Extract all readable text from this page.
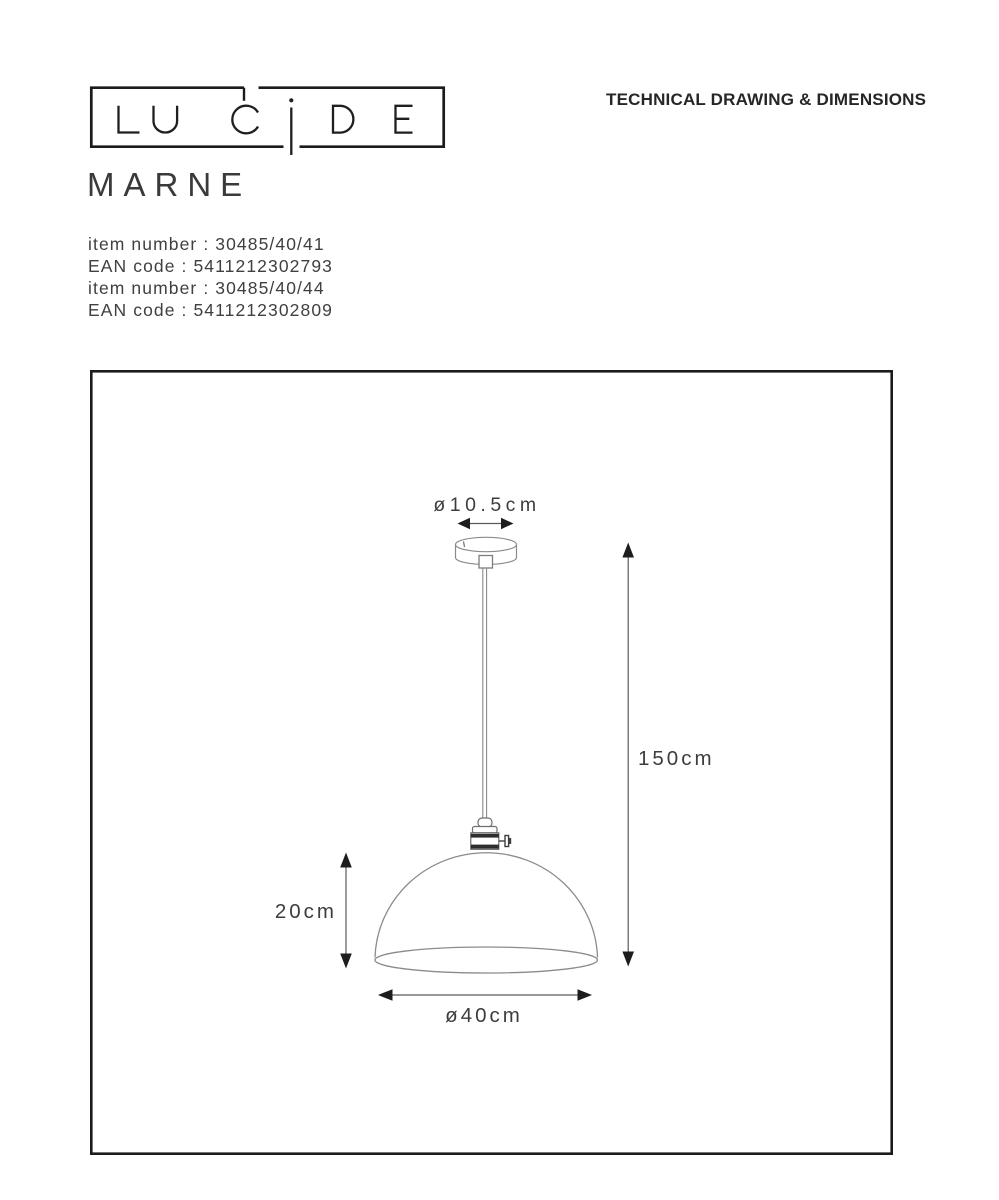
TECHNICAL DRAWING & DIMENSIONS
MARNE
item number : 30485/40/41
EAN code : 5411212302793
item number : 30485/40/44
EAN code : 5411212302809
ø10.5cm
150cm
20cm
ø40cm
